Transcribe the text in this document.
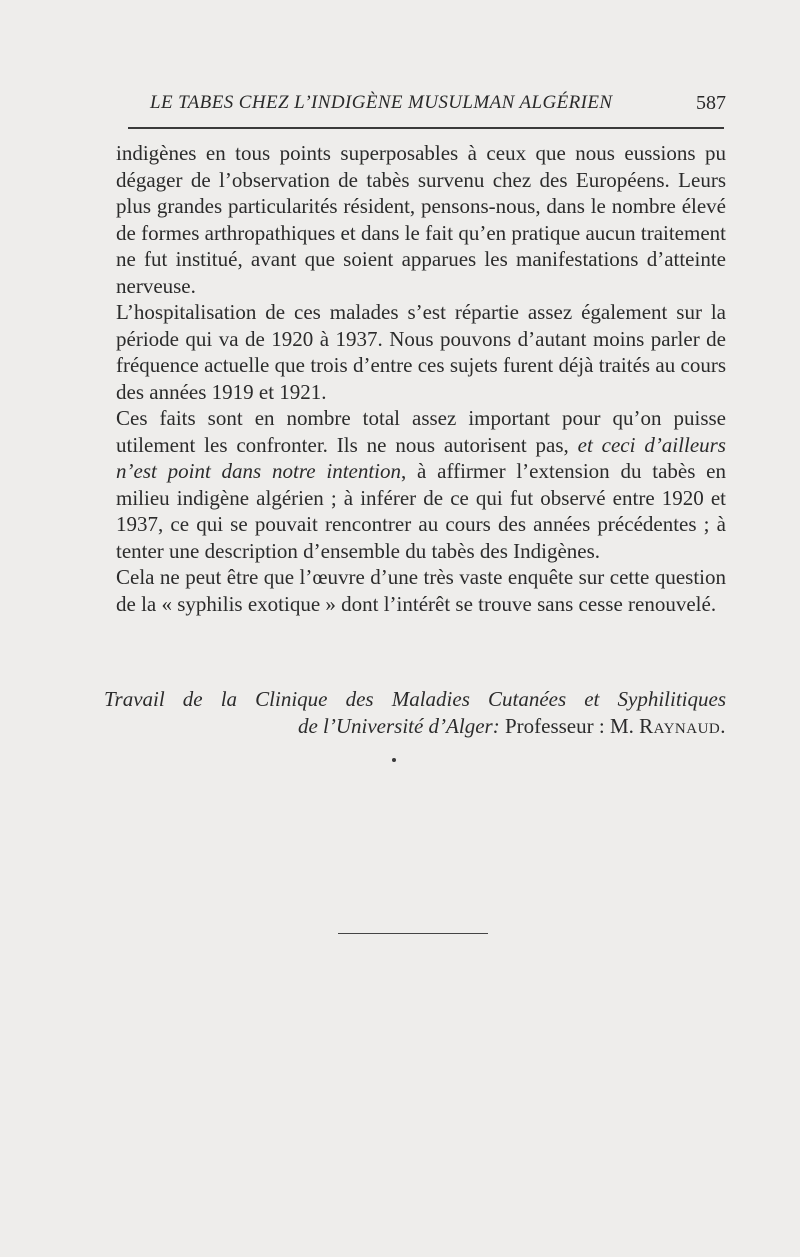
LE TABES CHEZ L’INDIGÈNE MUSULMAN ALGÉRIEN	587

indigènes en tous points superposables à ceux que nous eussions pu dégager de l’observation de tabès survenu chez des Européens. Leurs plus grandes particularités résident, pensons-nous, dans le nombre élevé de formes arthropathiques et dans le fait qu’en pratique aucun traitement ne fut institué, avant que soient apparues les manifestations d’atteinte nerveuse.

L’hospitalisation de ces malades s’est répartie assez également sur la période qui va de 1920 à 1937. Nous pouvons d’autant moins parler de fréquence actuelle que trois d’entre ces sujets furent déjà traités au cours des années 1919 et 1921.

Ces faits sont en nombre total assez important pour qu’on puisse utilement les confronter. Ils ne nous autorisent pas, et ceci d’ailleurs n’est point dans notre intention, à affirmer l’extension du tabès en milieu indigène algérien ; à inférer de ce qui fut observé entre 1920 et 1937, ce qui se pouvait rencontrer au cours des années précédentes ; à tenter une description d’ensemble du tabès des Indigènes.

Cela ne peut être que l’œuvre d’une très vaste enquête sur cette question de la « syphilis exotique » dont l’intérêt se trouve sans cesse renouvelé.

Travail de la Clinique des Maladies Cutanées et Syphilitiques
de l’Université d’Alger: Professeur : M. Raynaud.
